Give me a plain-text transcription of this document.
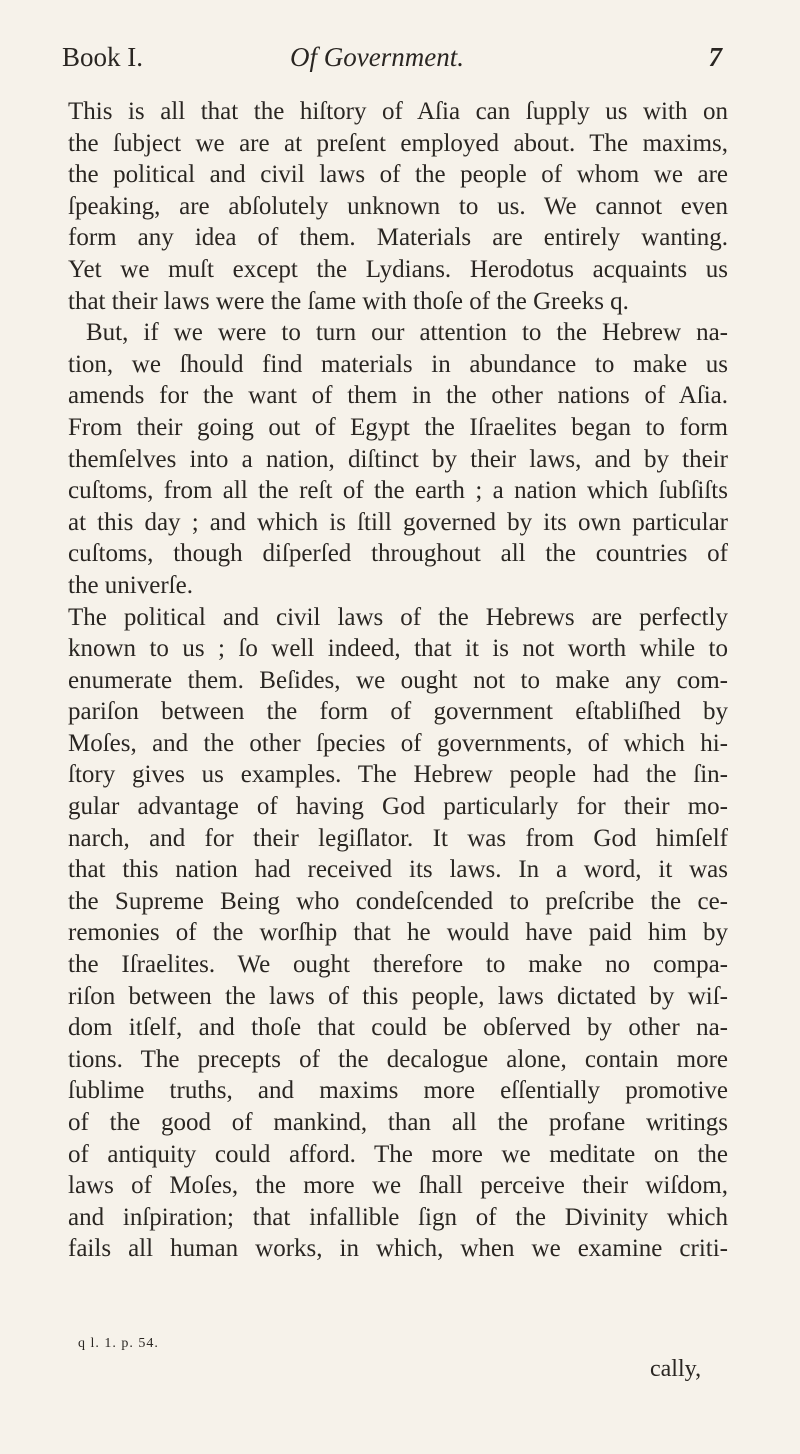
Book I.	Of Government.	7
This is all that the hiſtory of Aſia can ſupply us with on
the ſubject we are at preſent employed about. The maxims,
the political and civil laws of the people of whom we are
ſpeaking, are abſolutely unknown to us. We cannot even
form any idea of them. Materials are entirely wanting.
Yet we muſt except the Lydians. Herodotus acquaints us
that their laws were the ſame with thoſe of the Greeks q.
But, if we were to turn our attention to the Hebrew na-
tion, we ſhould find materials in abundance to make us
amends for the want of them in the other nations of Aſia.
From their going out of Egypt the Iſraelites began to form
themſelves into a nation, diſtinct by their laws, and by their
cuſtoms, from all the reſt of the earth ; a nation which ſubſiſts
at this day ; and which is ſtill governed by its own particular
cuſtoms, though diſperſed throughout all the countries of
the univerſe.
The political and civil laws of the Hebrews are perfectly
known to us ; ſo well indeed, that it is not worth while to
enumerate them. Beſides, we ought not to make any com-
pariſon between the form of government eſtabliſhed by
Moſes, and the other ſpecies of governments, of which hi-
ſtory gives us examples. The Hebrew people had the ſin-
gular advantage of having God particularly for their mo-
narch, and for their legiſlator. It was from God himſelf
that this nation had received its laws. In a word, it was
the Supreme Being who condeſcended to preſcribe the ce-
remonies of the worſhip that he would have paid him by
the Iſraelites. We ought therefore to make no compa-
riſon between the laws of this people, laws dictated by wiſ-
dom itſelf, and thoſe that could be obſerved by other na-
tions. The precepts of the decalogue alone, contain more
ſublime truths, and maxims more eſſentially promotive
of the good of mankind, than all the profane writings
of antiquity could afford. The more we meditate on the
laws of Moſes, the more we ſhall perceive their wiſdom,
and inſpiration; that infallible ſign of the Divinity which
fails all human works, in which, when we examine criti-
q l. 1. p. 54.
cally,
